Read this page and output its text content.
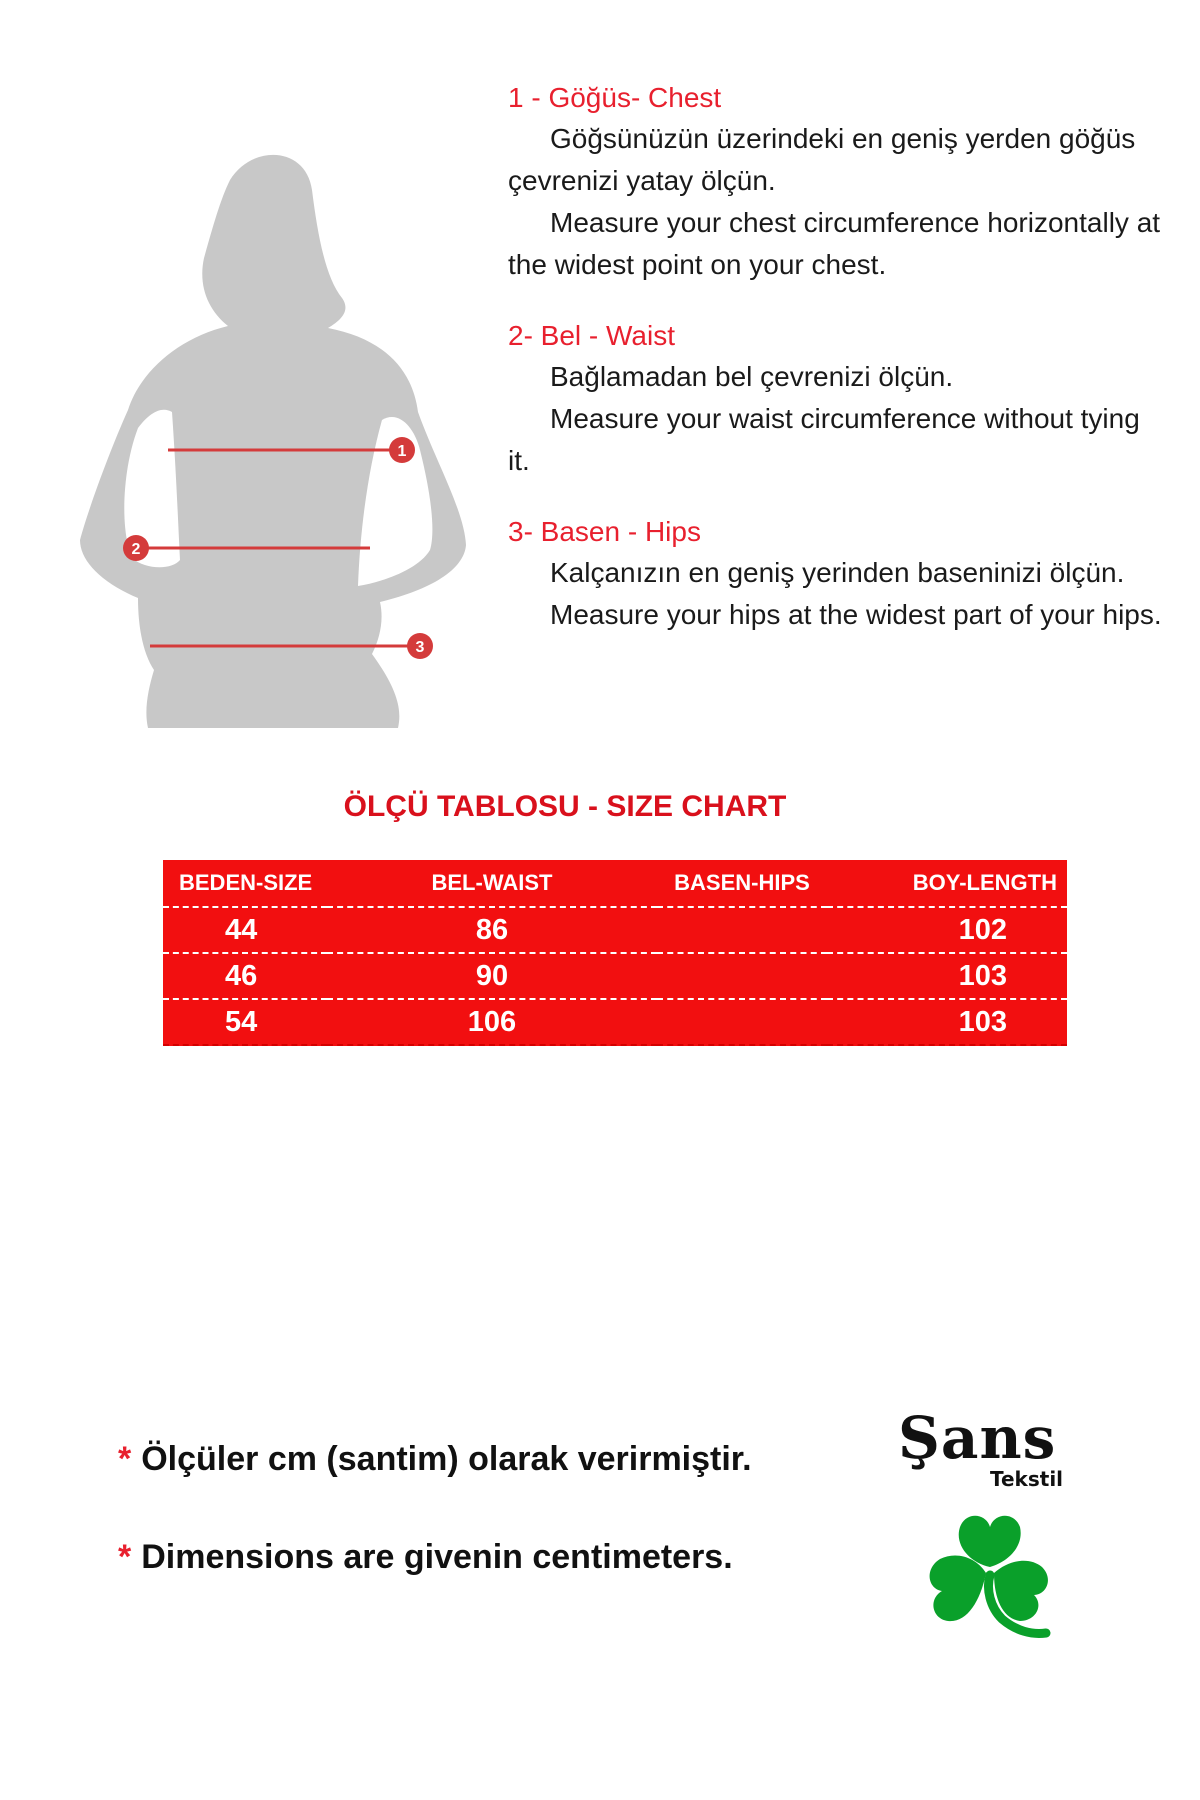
1
2
3
1 - Göğüs- Chest

Göğsünüzün üzerindeki en geniş yerden göğüs çevrenizi yatay ölçün.

Measure your chest circumference horizontally at the widest point on your chest.

2- Bel - Waist

Bağlamadan bel çevrenizi ölçün.

Measure your waist circumference without tying it.

3- Basen - Hips

Kalçanızın en geniş yerinden baseninizi ölçün.

Measure your hips at the widest part of your hips.

ÖLÇÜ TABLOSU - SIZE CHART
BEDEN-SIZE	BEL-WAIST	BASEN-HIPS	BOY-LENGTH
44	86		102
46	90		103
54	106		103

* Ölçüler cm (santim) olarak verirmiştir.

* Dimensions are givenin centimeters.

Şans
Tekstil
